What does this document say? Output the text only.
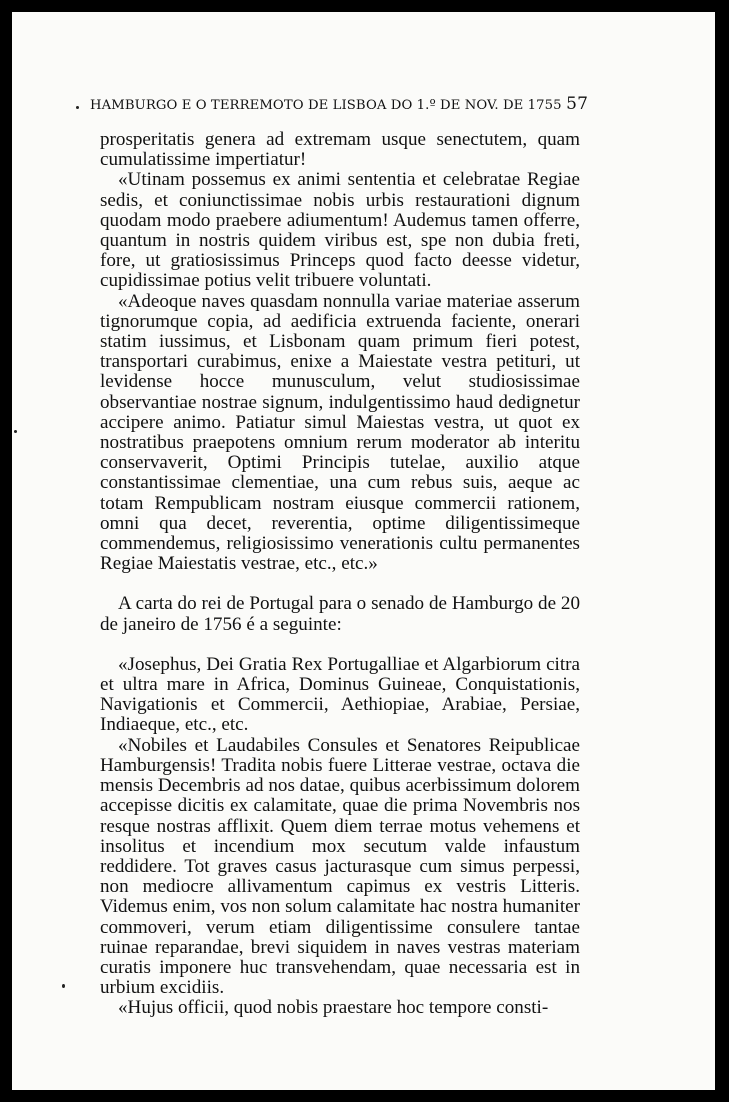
HAMBURGO E O TERREMOTO DE LISBOA DO 1.º DE NOV. DE 1755 57

prosperitatis genera ad extremam usque senectutem, quam cumulatissime impertiatur!

«Utinam possemus ex animi sententia et celebratae Regiae sedis, et coniunctissimae nobis urbis restaurationi dignum quodam modo praebere adiumentum! Audemus tamen offerre, quantum in nostris quidem viribus est, spe non dubia freti, fore, ut gratiosissimus Princeps quod facto deesse videtur, cupidissimae potius velit tribuere voluntati.

«Adeoque naves quasdam nonnulla variae materiae asserum tignorumque copia, ad aedificia extruenda faciente, onerari statim iussimus, et Lisbonam quam primum fieri potest, transportari curabimus, enixe a Maiestate vestra petituri, ut levidense hocce munusculum, velut studiosissimae observantiae nostrae signum, indulgentissimo haud dedignetur accipere animo. Patiatur simul Maiestas vestra, ut quot ex nostratibus praepotens omnium rerum moderator ab interitu conservaverit, Optimi Principis tutelae, auxilio atque constantissimae clementiae, una cum rebus suis, aeque ac totam Rempublicam nostram eiusque commercii rationem, omni qua decet, reverentia, optime diligentissimeque commendemus, religiosissimo venerationis cultu permanentes Regiae Maiestatis vestrae, etc., etc.»

A carta do rei de Portugal para o senado de Hamburgo de 20 de janeiro de 1756 é a seguinte:

«Josephus, Dei Gratia Rex Portugalliae et Algarbiorum citra et ultra mare in Africa, Dominus Guineae, Conquistationis, Navigationis et Commercii, Aethiopiae, Arabiae, Persiae, Indiaeque, etc., etc.

«Nobiles et Laudabiles Consules et Senatores Reipublicae Hamburgensis! Tradita nobis fuere Litterae vestrae, octava die mensis Decembris ad nos datae, quibus acerbissimum dolorem accepisse dicitis ex calamitate, quae die prima Novembris nos resque nostras afflixit. Quem diem terrae motus vehemens et insolitus et incendium mox secutum valde infaustum reddidere. Tot graves casus jacturasque cum simus perpessi, non mediocre allivamentum capimus ex vestris Litteris. Videmus enim, vos non solum calamitate hac nostra humaniter commoveri, verum etiam diligentissime consulere tantae ruinae reparandae, brevi siquidem in naves vestras materiam curatis imponere huc transvehendam, quae necessaria est in urbium excidiis.

«Hujus officii, quod nobis praestare hoc tempore consti-
